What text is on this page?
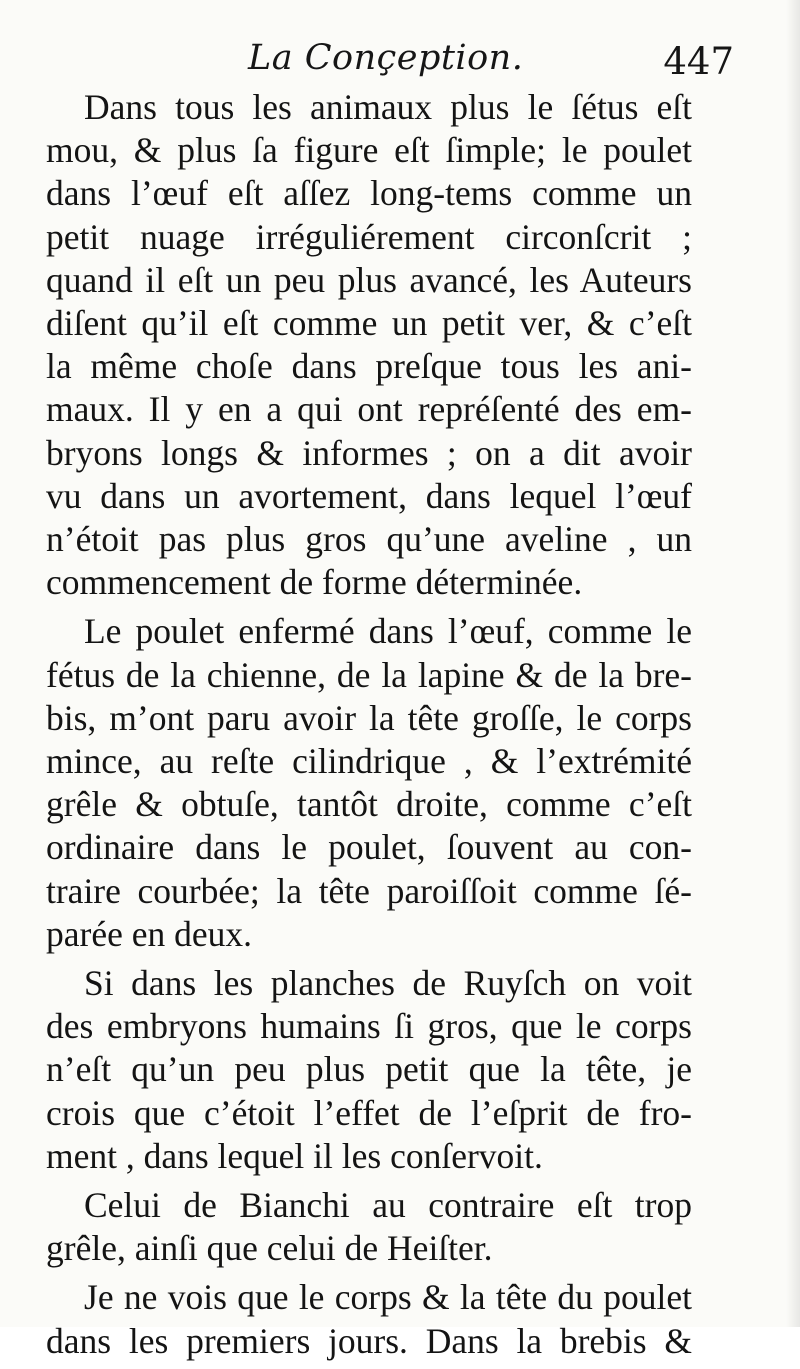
La Conçeption.	447

Dans tous les animaux plus le ſétus eſt
mou, & plus ſa figure eſt ſimple; le poulet
dans l’œuf eſt aſſez long-tems comme un
petit nuage irréguliérement circonſcrit ;
quand il eſt un peu plus avancé, les Auteurs
diſent qu’il eſt comme un petit ver, & c’eſt
la même choſe dans preſque tous les ani-
maux. Il y en a qui ont repréſenté des em-
bryons longs & informes ; on a dit avoir
vu dans un avortement, dans lequel l’œuf
n’étoit pas plus gros qu’une aveline , un
commencement de forme déterminée.

Le poulet enfermé dans l’œuf, comme le
fétus de la chienne, de la lapine & de la bre-
bis, m’ont paru avoir la tête groſſe, le corps
mince, au reſte cilindrique , & l’extrémité
grêle & obtuſe, tantôt droite, comme c’eſt
ordinaire dans le poulet, ſouvent au con-
traire courbée; la tête paroiſſoit comme ſé-
parée en deux.

Si dans les planches de Ruyſch on voit
des embryons humains ſi gros, que le corps
n’eſt qu’un peu plus petit que la tête, je
crois que c’étoit l’effet de l’eſprit de fro-
ment , dans lequel il les conſervoit.

Celui de Bianchi au contraire eſt trop
grêle, ainſi que celui de Heiſter.

Je ne vois que le corps & la tête du poulet
dans les premiers jours. Dans la brebis &
